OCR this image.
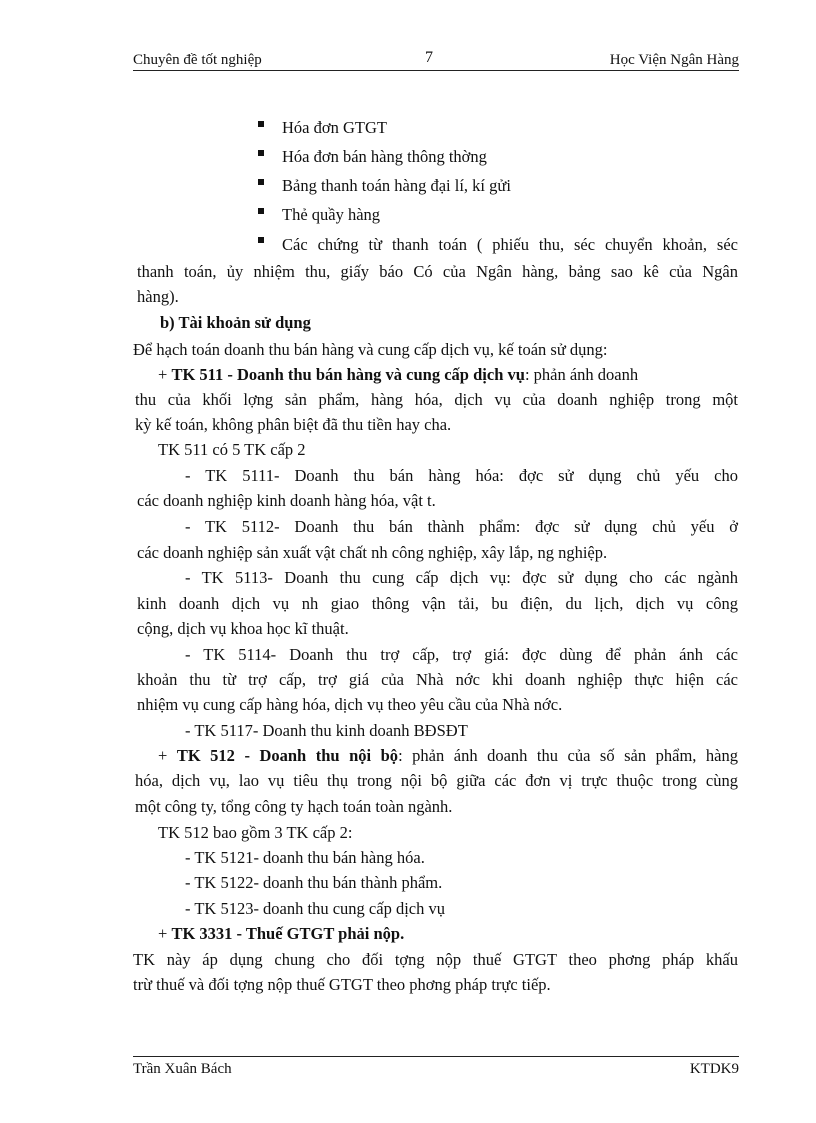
Chuyên đề tốt nghiệp	7	Học Viện Ngân Hàng
Hóa đơn GTGT
Hóa đơn bán hàng thông thờng
Bảng thanh toán hàng đại lí, kí gửi
Thẻ quầy hàng
Các chứng từ thanh toán ( phiếu thu, séc chuyển khoản, séc
thanh toán, ủy nhiệm thu, giấy báo Có của Ngân hàng, bảng sao kê của Ngân
hàng).
b) Tài khoản sử dụng
Để hạch toán doanh thu bán hàng và cung cấp dịch vụ, kế toán sử dụng:
+ TK 511 - Doanh thu bán hàng và cung cấp dịch vụ: phản ánh doanh
thu của khối lợng sản phẩm, hàng hóa, dịch vụ của doanh nghiệp trong một
kỳ kế toán, không phân biệt đã thu tiền hay cha.
TK 511 có 5 TK cấp 2
- TK 5111- Doanh thu bán hàng hóa: đợc sử dụng chủ yếu cho
các doanh nghiệp kinh doanh hàng hóa, vật t.
- TK 5112- Doanh thu bán thành phẩm: đợc sử dụng chủ yếu ở
các doanh nghiệp sản xuất vật chất nh công nghiệp, xây lắp, ng nghiệp.
- TK 5113- Doanh thu cung cấp dịch vụ: đợc sử dụng cho các ngành
kinh doanh dịch vụ nh giao thông vận tải, bu điện, du lịch, dịch vụ công
cộng, dịch vụ khoa học kĩ thuật.
- TK 5114- Doanh thu trợ cấp, trợ giá: đợc dùng để phản ánh các
khoản thu từ trợ cấp, trợ giá của Nhà nớc khi doanh nghiệp thực hiện các
nhiệm vụ cung cấp hàng hóa, dịch vụ theo yêu cầu của Nhà nớc.
- TK 5117- Doanh thu kinh doanh BĐSĐT
+ TK 512 - Doanh thu nội bộ: phản ánh doanh thu của số sản phẩm, hàng
hóa, dịch vụ, lao vụ tiêu thụ trong nội bộ giữa các đơn vị trực thuộc trong cùng
một công ty, tổng công ty hạch toán toàn ngành.
TK 512 bao gồm 3 TK cấp 2:
- TK 5121- doanh thu bán hàng hóa.
- TK 5122- doanh thu bán thành phẩm.
- TK 5123- doanh thu cung cấp dịch vụ
+ TK 3331 - Thuế GTGT phải nộp.
TK này áp dụng chung cho đối tợng nộp thuế GTGT theo phơng pháp khấu
trừ thuế và đối tợng nộp thuế GTGT theo phơng pháp trực tiếp.
Trần Xuân Bách	KTDK9
